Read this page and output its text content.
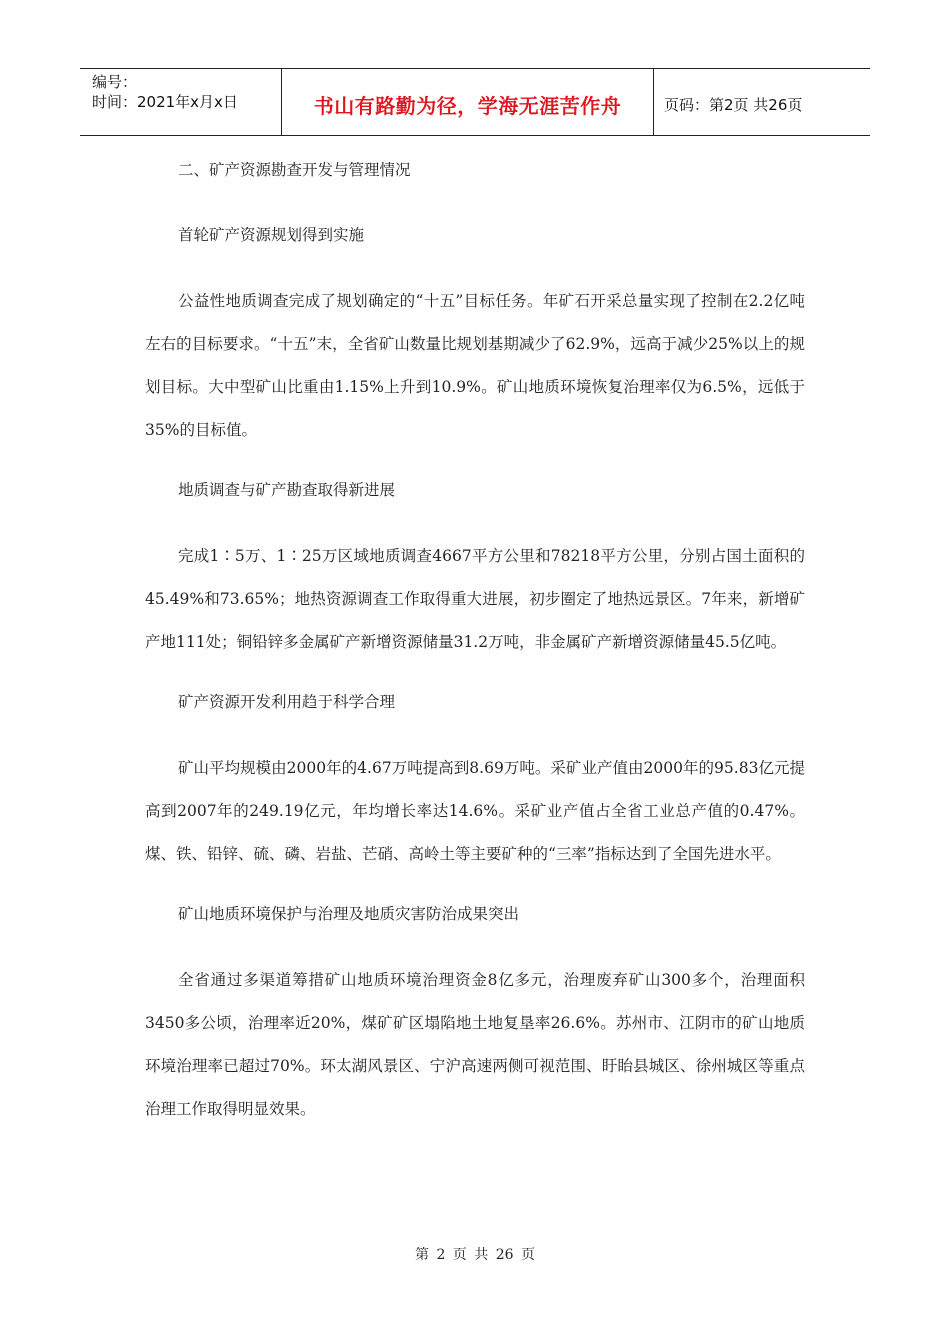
编号：
时间：2021年x月x日	书山有路勤为径，学海无涯苦作舟	页码：第2页 共26页
二、矿产资源勘查开发与管理情况
首轮矿产资源规划得到实施
公益性地质调查完成了规划确定的“十五”目标任务。年矿石开采总量实现了控制在2.2亿吨左右的目标要求。“十五”末，全省矿山数量比规划基期减少了62.9%，远高于减少25%以上的规划目标。大中型矿山比重由1.15%上升到10.9%。矿山地质环境恢复治理率仅为6.5%，远低于35%的目标值。
地质调查与矿产勘查取得新进展
完成1∶5万、1∶25万区域地质调查4667平方公里和78218平方公里，分别占国土面积的45.49%和73.65%；地热资源调查工作取得重大进展，初步圈定了地热远景区。7年来，新增矿产地111处；铜铅锌多金属矿产新增资源储量31.2万吨，非金属矿产新增资源储量45.5亿吨。
矿产资源开发利用趋于科学合理
矿山平均规模由2000年的4.67万吨提高到8.69万吨。采矿业产值由2000年的95.83亿元提高到2007年的249.19亿元，年均增长率达14.6%。采矿业产值占全省工业总产值的0.47%。煤、铁、铅锌、硫、磷、岩盐、芒硝、高岭土等主要矿种的“三率”指标达到了全国先进水平。
矿山地质环境保护与治理及地质灾害防治成果突出
全省通过多渠道筹措矿山地质环境治理资金8亿多元，治理废弃矿山300多个，治理面积3450多公顷，治理率近20%，煤矿矿区塌陷地土地复垦率26.6%。苏州市、江阴市的矿山地质环境治理率已超过70%。环太湖风景区、宁沪高速两侧可视范围、盱眙县城区、徐州城区等重点治理工作取得明显效果。
第 2 页 共 26 页
